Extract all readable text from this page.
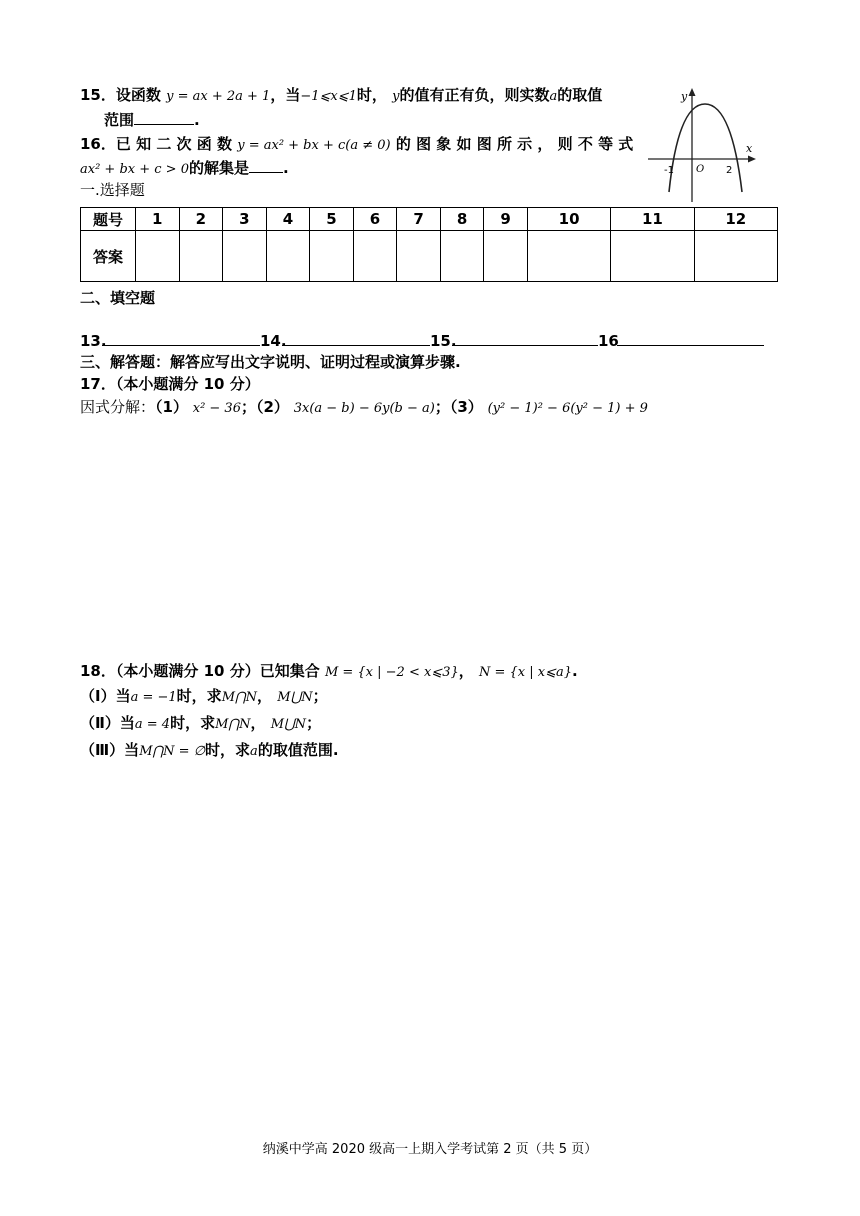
15．设函数 y = ax + 2a + 1，当−1⩽x⩽1时， y的值有正有负，则实数a的取值
范围	.
16．已 知 二 次 函 数 y = ax² + bx + c(a ≠ 0) 的 图 象 如 图 所 示 ， 则 不 等 式
ax² + bx + c > 0的解集是 .
y
x
O
-1	2
一.选择题
题号	1	2	3	4	5	6	7	8	9	10	11	12
答案												
二、填空题
13.	14.	15.	16
三、解答题：解答应写出文字说明、证明过程或演算步骤.
17．（本小题满分 10 分）
因式分解：（1） x² − 36；（2） 3x(a − b) − 6y(b − a)；（3） (y² − 1)² − 6(y² − 1) + 9
18．（本小题满分 10 分）已知集合 M = {x | −2 < x⩽3}， N = {x | x⩽a}.
（Ⅰ）当a = −1时，求M⋂N， M⋃N；
（Ⅱ）当a = 4时，求M⋂N， M⋃N；
（Ⅲ）当M⋂N = ∅时，求a的取值范围.
纳溪中学高 2020 级高一上期入学考试第 2 页（共 5 页）
